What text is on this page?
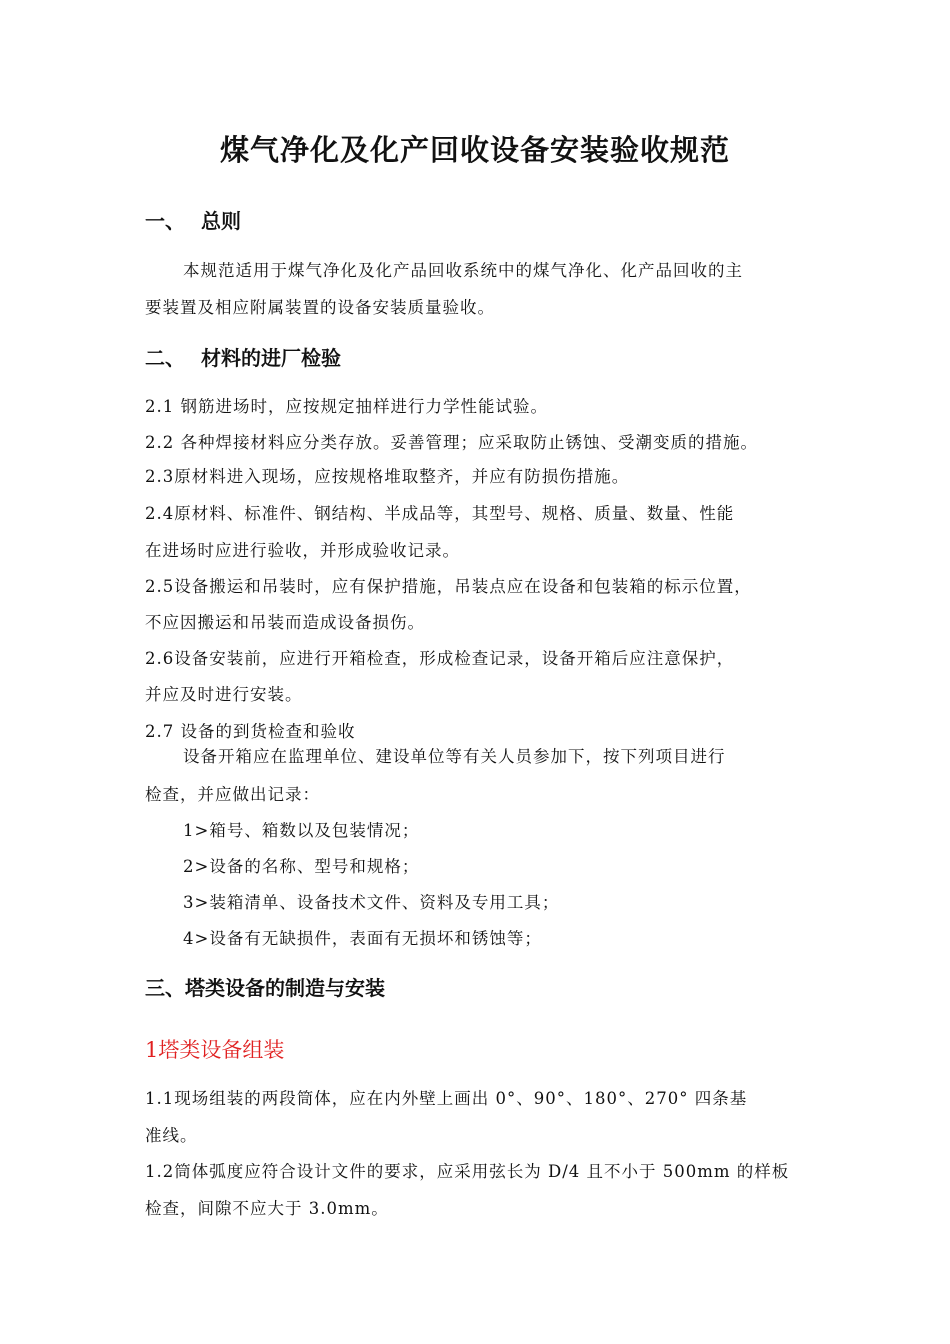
煤气净化及化产回收设备安装验收规范
一、 总则
本规范适用于煤气净化及化产品回收系统中的煤气净化、化产品回收的主
要装置及相应附属装置的设备安装质量验收。
二、 材料的进厂检验
2.1 钢筋进场时，应按规定抽样进行力学性能试验。
2.2 各种焊接材料应分类存放。妥善管理；应采取防止锈蚀、受潮变质的措施。
2.3原材料进入现场，应按规格堆取整齐，并应有防损伤措施。
2.4原材料、标准件、钢结构、半成品等，其型号、规格、质量、数量、性能
在进场时应进行验收，并形成验收记录。
2.5设备搬运和吊装时，应有保护措施，吊装点应在设备和包装箱的标示位置，
不应因搬运和吊装而造成设备损伤。
2.6设备安装前，应进行开箱检查，形成检查记录，设备开箱后应注意保护，
并应及时进行安装。
2.7 设备的到货检查和验收
设备开箱应在监理单位、建设单位等有关人员参加下，按下列项目进行
检查，并应做出记录：
1>箱号、箱数以及包装情况；
2>设备的名称、型号和规格；
3>装箱清单、设备技术文件、资料及专用工具；
4>设备有无缺损件，表面有无损坏和锈蚀等；
三、塔类设备的制造与安装
1塔类设备组装
1.1现场组装的两段筒体，应在内外壁上画出 0°、90°、180°、270° 四条基
准线。
1.2筒体弧度应符合设计文件的要求，应采用弦长为 D/4 且不小于 500mm 的样板
检查，间隙不应大于 3.0mm。
